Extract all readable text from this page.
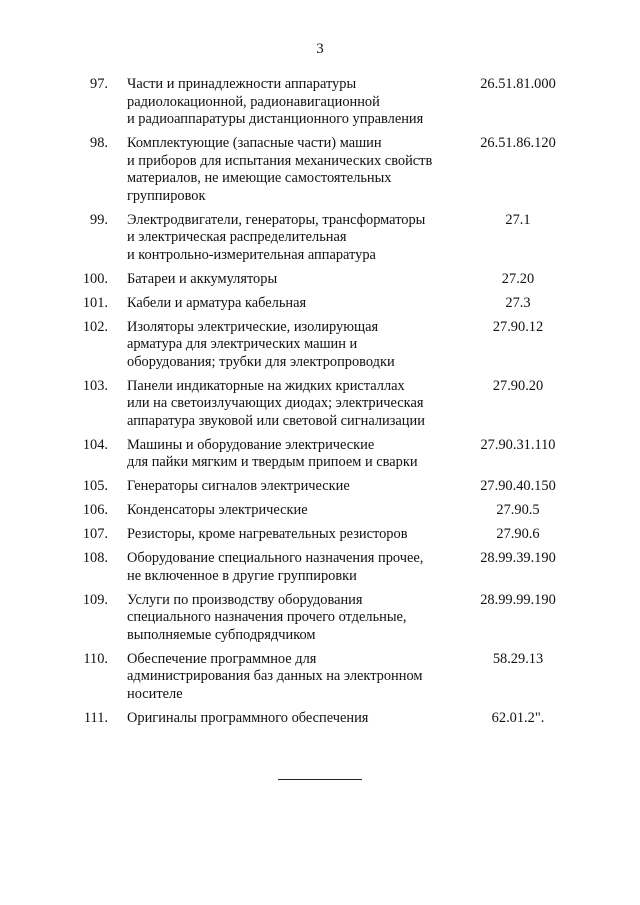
3
97. Части и принадлежности аппаратуры
радиолокационной, радионавигационной
и радиоаппаратуры дистанционного управления
26.51.81.000
98. Комплектующие (запасные части) машин
и приборов для испытания механических свойств
материалов, не имеющие самостоятельных
группировок
26.51.86.120
99. Электродвигатели, генераторы, трансформаторы
и электрическая распределительная
и контрольно-измерительная аппаратура
27.1
100. Батареи и аккумуляторы	27.20
101. Кабели и арматура кабельная	27.3
102. Изоляторы электрические, изолирующая
арматура для электрических машин и
оборудования; трубки для электропроводки
27.90.12
103. Панели индикаторные на жидких кристаллах
или на светоизлучающих диодах; электрическая
аппаратура звуковой или световой сигнализации
27.90.20
104. Машины и оборудование электрические
для пайки мягким и твердым припоем и сварки
27.90.31.110
105. Генераторы сигналов электрические	27.90.40.150
106. Конденсаторы электрические	27.90.5
107. Резисторы, кроме нагревательных резисторов	27.90.6
108. Оборудование специального назначения прочее,
не включенное в другие группировки
28.99.39.190
109. Услуги по производству оборудования
специального назначения прочего отдельные,
выполняемые субподрядчиком
28.99.99.190
110. Обеспечение программное для
администрирования баз данных на электронном
носителе
58.29.13
111. Оригиналы программного обеспечения	62.01.2".
